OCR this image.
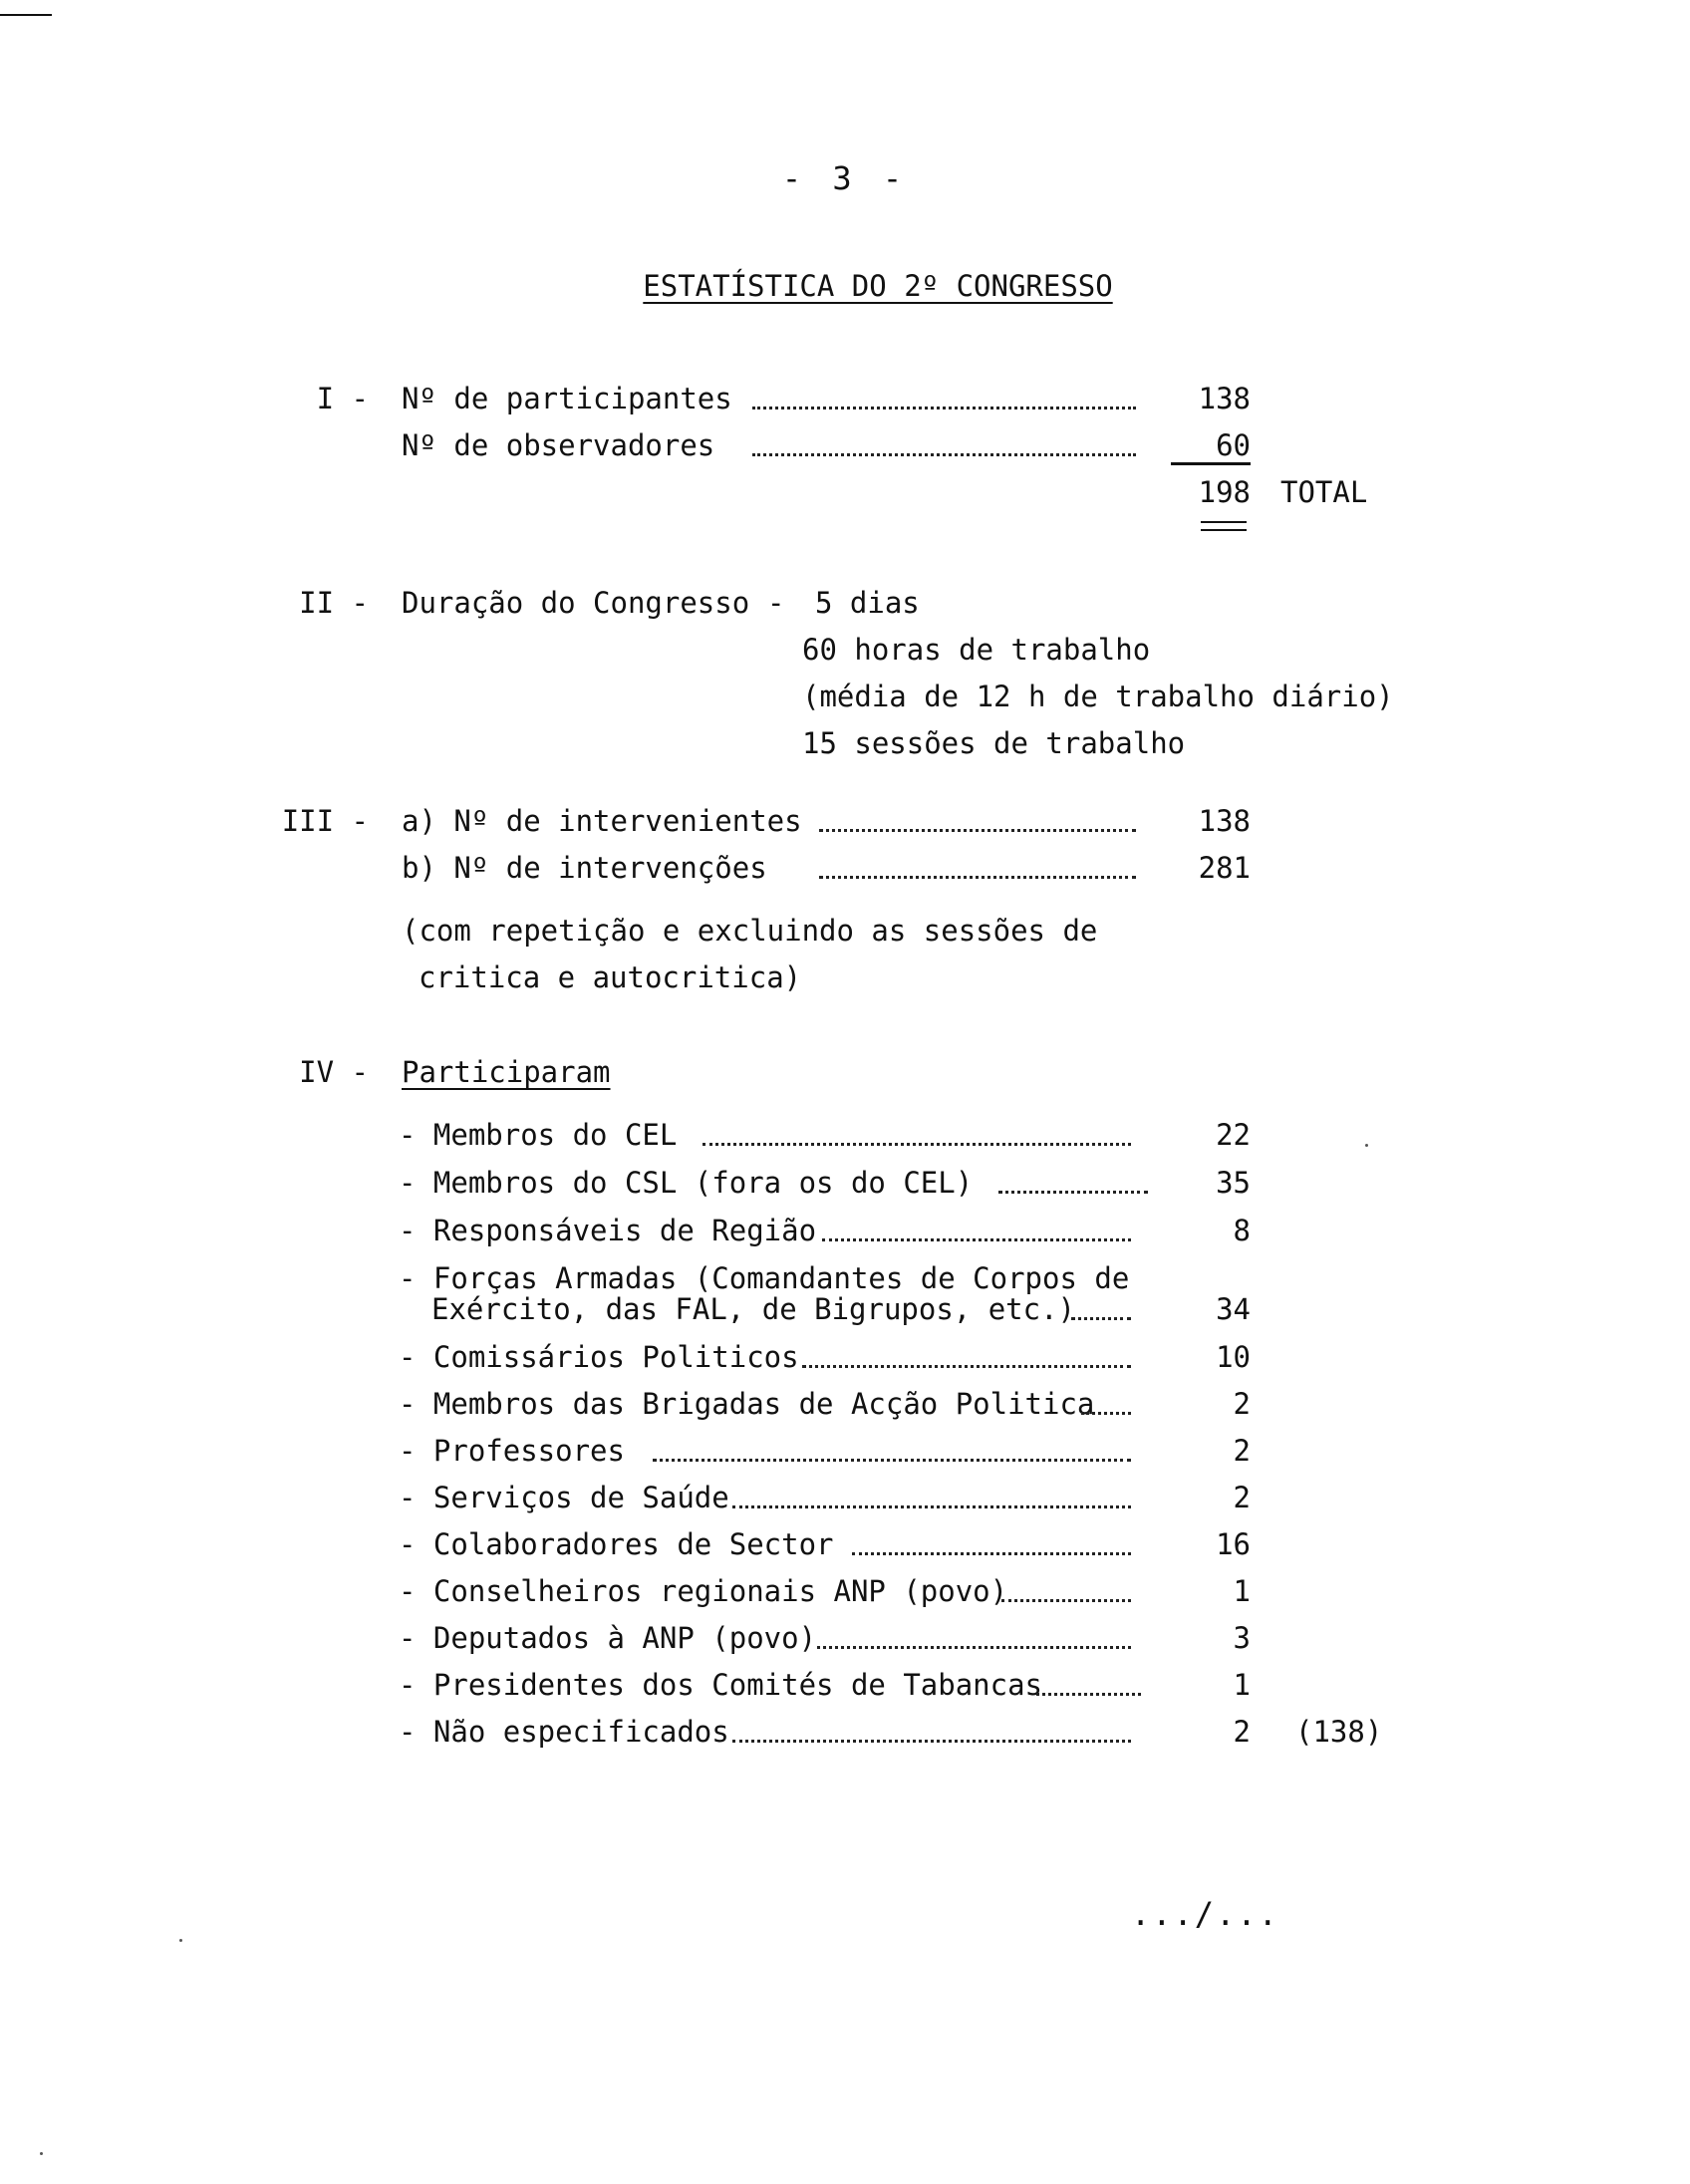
- 3 -
ESTATÍSTICA DO 2º CONGRESSO
I - Nº de participantes	138
Nº de observadores	60
198 TOTAL
II - Duração do Congresso - 5 dias
60 horas de trabalho
(média de 12 h de trabalho diário)
15 sessões de trabalho
III - a) Nº de intervenientes	138
b) Nº de intervenções	281
(com repetição e excluindo as sessões de
critica e autocritica)
IV - Participaram
- Membros do CEL	22
- Membros do CSL (fora os do CEL)	35
- Responsáveis de Região	8
- Forças Armadas (Comandantes de Corpos de
Exército, das FAL, de Bigrupos, etc.)	34
- Comissários Politicos	10
- Membros das Brigadas de Acção Politica	2
- Professores	2
- Serviços de Saúde	2
- Colaboradores de Sector	16
- Conselheiros regionais ANP (povo)	1
- Deputados à ANP (povo)	3
- Presidentes dos Comités de Tabancas	1
- Não especificados	2 (138)
.../...
